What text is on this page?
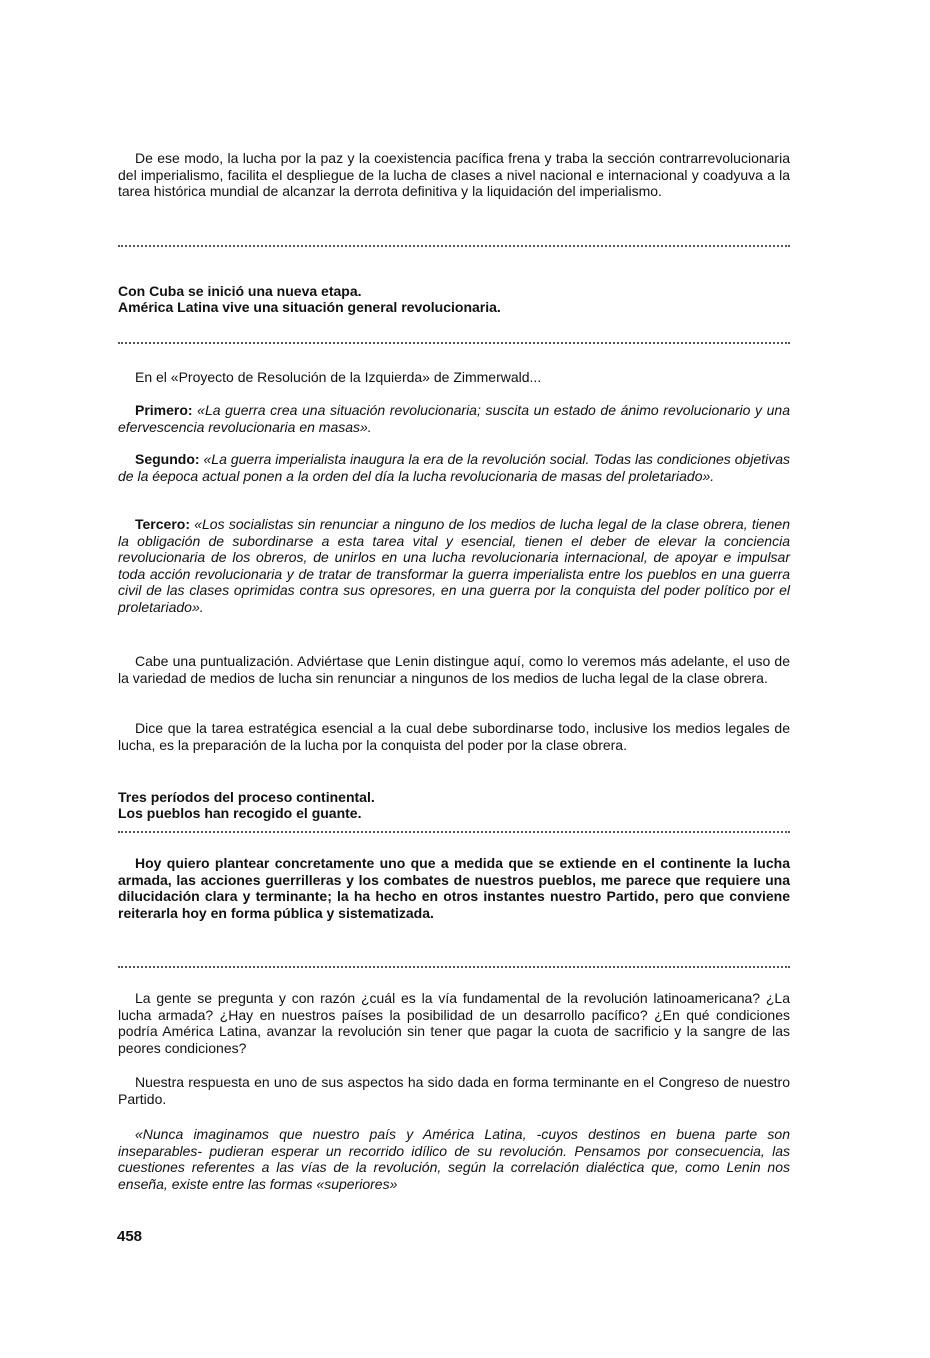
De ese modo, la lucha por la paz y la coexistencia pacífica frena y traba la sección contrarrevolucionaria del imperialismo, facilita el despliegue de la lucha de clases a nivel nacional e internacional y coadyuva a la tarea histórica mundial de alcanzar la derrota definitiva y la liquidación del imperialismo.

Con Cuba se inició una nueva etapa.
América Latina vive una situación general revolucionaria.

En el «Proyecto de Resolución de la Izquierda» de Zimmerwald...

Primero: «La guerra crea una situación revolucionaria; suscita un estado de ánimo revolucionario y una efervescencia revolucionaria en masas».

Segundo: «La guerra imperialista inaugura la era de la revolución social. Todas las condiciones objetivas de la éepoca actual ponen a la orden del día la lucha revolucionaria de masas del proletariado».

Tercero: «Los socialistas sin renunciar a ninguno de los medios de lucha legal de la clase obrera, tienen la obligación de subordinarse a esta tarea vital y esencial, tienen el deber de elevar la conciencia revolucionaria de los obreros, de unirlos en una lucha revolucionaria internacional, de apoyar e impulsar toda acción revolucionaria y de tratar de transformar la guerra imperialista entre los pueblos en una guerra civil de las clases oprimidas contra sus opresores, en una guerra por la conquista del poder político por el proletariado».

Cabe una puntualización. Adviértase que Lenin distingue aquí, como lo veremos más adelante, el uso de la variedad de medios de lucha sin renunciar a ningunos de los medios de lucha legal de la clase obrera.

Dice que la tarea estratégica esencial a la cual debe subordinarse todo, inclusive los medios legales de lucha, es la preparación de la lucha por la conquista del poder por la clase obrera.

Tres períodos del proceso continental.
Los pueblos han recogido el guante.

Hoy quiero plantear concretamente uno que a medida que se extiende en el continente la lucha armada, las acciones guerrilleras y los combates de nuestros pueblos, me parece que requiere una dilucidación clara y terminante; la ha hecho en otros instantes nuestro Partido, pero que conviene reiterarla hoy en forma pública y sistematizada.

La gente se pregunta y con razón ¿cuál es la vía fundamental de la revolución latinoamericana? ¿La lucha armada? ¿Hay en nuestros países la posibilidad de un desarrollo pacífico? ¿En qué condiciones podría América Latina, avanzar la revolución sin tener que pagar la cuota de sacrificio y la sangre de las peores condiciones?

Nuestra respuesta en uno de sus aspectos ha sido dada en forma terminante en el Congreso de nuestro Partido.

«Nunca imaginamos que nuestro país y América Latina, -cuyos destinos en buena parte son inseparables- pudieran esperar un recorrido idílico de su revolución. Pensamos por consecuencia, las cuestiones referentes a las vías de la revolución, según la correlación dialéctica que, como Lenin nos enseña, existe entre las formas «superiores»

458
